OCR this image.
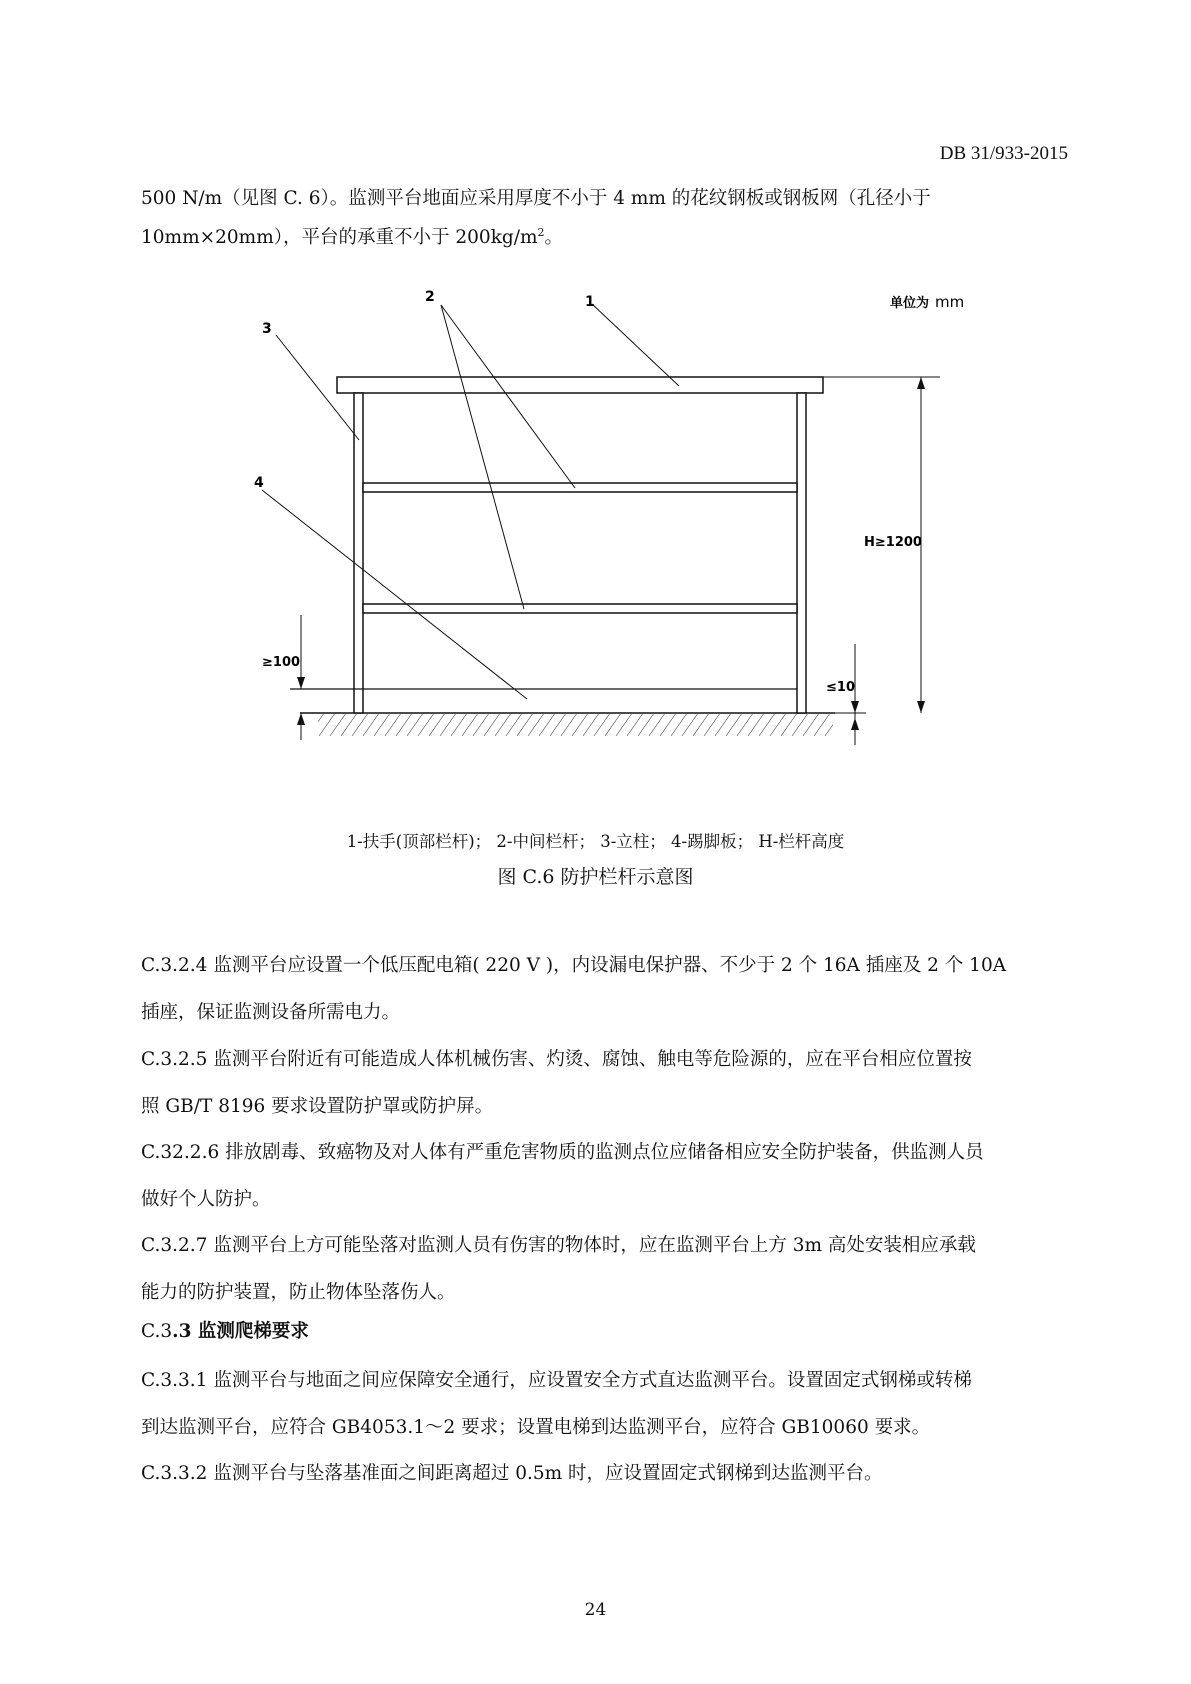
DB 31/933-2015
500 N/m（见图 C. 6）。监测平台地面应采用厚度不小于 4 mm 的花纹钢板或钢板网（孔径小于
10mm×20mm），平台的承重不小于 $200kg/m^2$。
1
2
3
4
单位为 mm
H≥1200
≥100
≤10
1-扶手(顶部栏杆)； 2-中间栏杆； 3-立柱； 4-踢脚板； H-栏杆高度
图 C.6 防护栏杆示意图
C.3.2.4 监测平台应设置一个低压配电箱( 220 V )，内设漏电保护器、不少于 2 个 16A 插座及 2 个 10A
插座，保证监测设备所需电力。
C.3.2.5 监测平台附近有可能造成人体机械伤害、灼烫、腐蚀、触电等危险源的，应在平台相应位置按
照 GB/T 8196 要求设置防护罩或防护屏。
C.32.2.6 排放剧毒、致癌物及对人体有严重危害物质的监测点位应储备相应安全防护装备，供监测人员
做好个人防护。
C.3.2.7 监测平台上方可能坠落对监测人员有伤害的物体时，应在监测平台上方 3m 高处安装相应承载
能力的防护装置，防止物体坠落伤人。
C.3.3 监测爬梯要求
C.3.3.1 监测平台与地面之间应保障安全通行，应设置安全方式直达监测平台。设置固定式钢梯或转梯
到达监测平台，应符合 GB4053.1～2 要求；设置电梯到达监测平台，应符合 GB10060 要求。
C.3.3.2 监测平台与坠落基准面之间距离超过 0.5m 时，应设置固定式钢梯到达监测平台。
24
